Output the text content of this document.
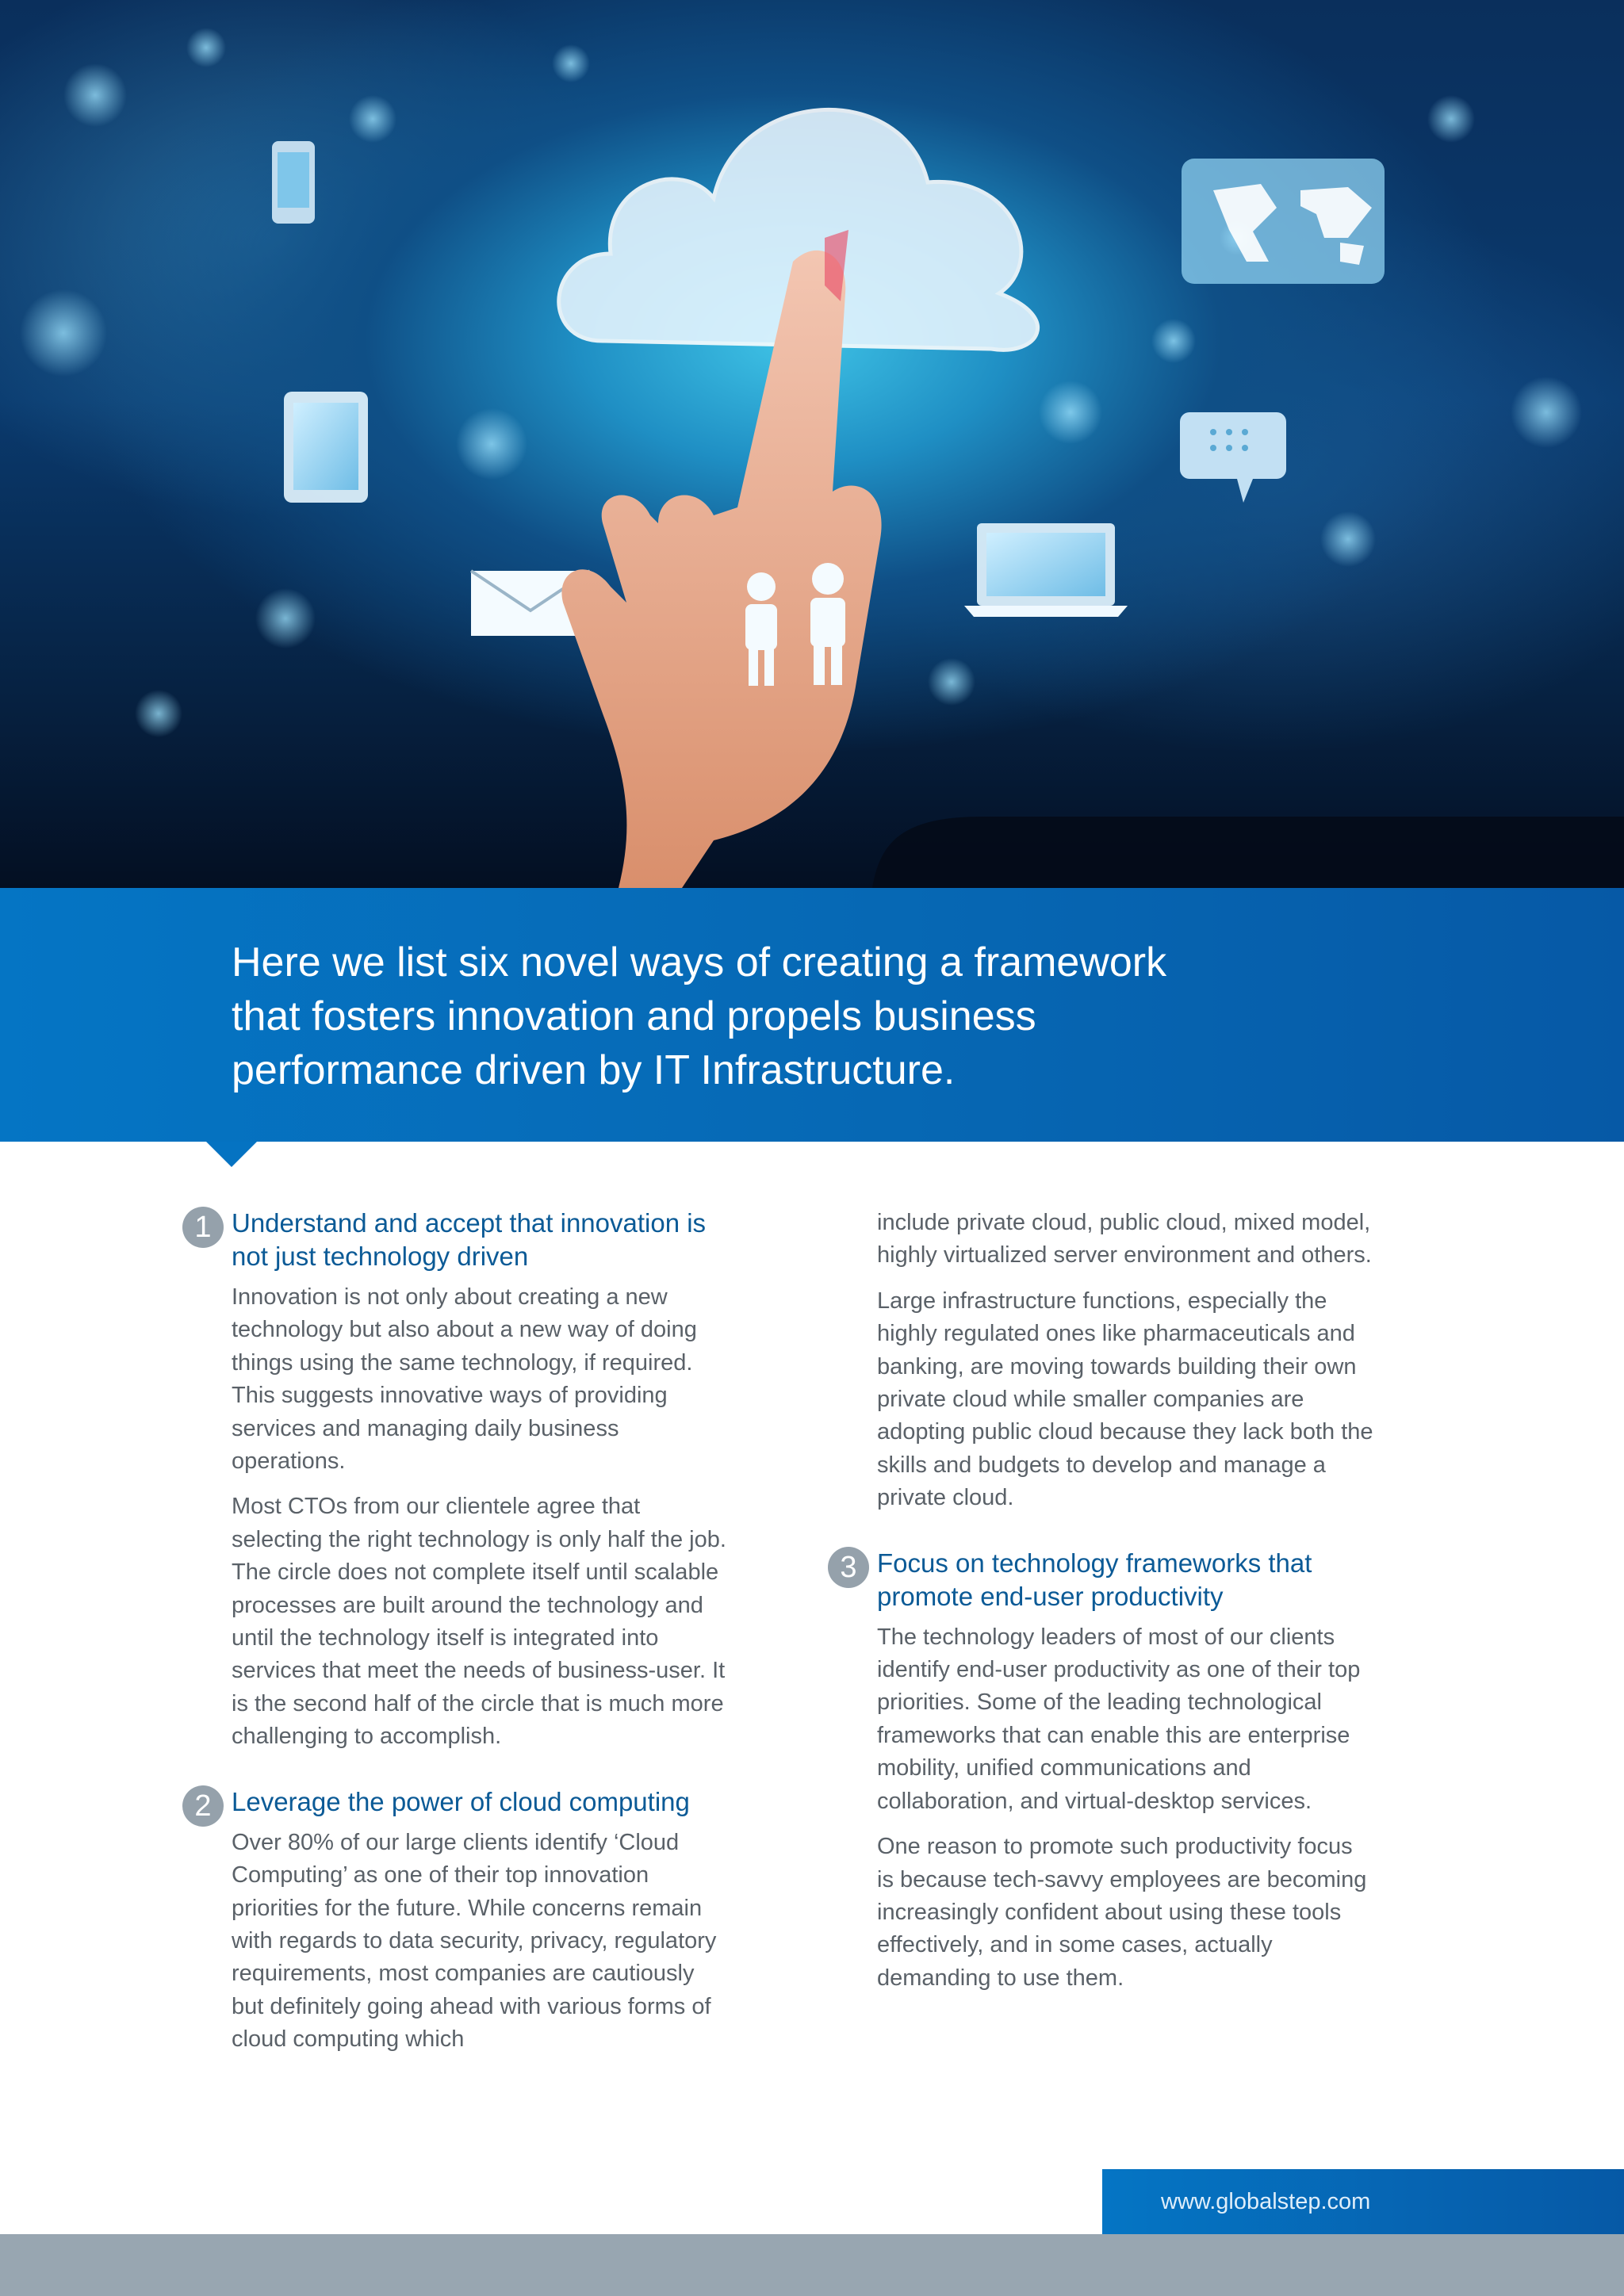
Here we list six novel ways of creating a framework
that fosters innovation and propels business
performance driven by IT Infrastructure.

1 Understand and accept that innovation is not just technology driven

Innovation is not only about creating a new technology but also about a new way of doing things using the same technology, if required. This suggests innovative ways of providing services and managing daily business operations.

Most CTOs from our clientele agree that selecting the right technology is only half the job. The circle does not complete itself until scalable processes are built around the technology and until the technology itself is integrated into services that meet the needs of business-user. It is the second half of the circle that is much more challenging to accomplish.

2 Leverage the power of cloud computing

Over 80% of our large clients identify ‘Cloud Computing’ as one of their top innovation priorities for the future. While concerns remain with regards to data security, privacy, regulatory requirements, most companies are cautiously but definitely going ahead with various forms of cloud computing which

include private cloud, public cloud, mixed model, highly virtualized server environment and others.

Large infrastructure functions, especially the highly regulated ones like pharmaceuticals and banking, are moving towards building their own private cloud while smaller companies are adopting public cloud because they lack both the skills and budgets to develop and manage a private cloud.

3 Focus on technology frameworks that promote end-user productivity

The technology leaders of most of our clients identify end-user productivity as one of their top priorities. Some of the leading technological frameworks that can enable this are enterprise mobility, unified communications and collaboration, and virtual-desktop services.

One reason to promote such productivity focus is because tech-savvy employees are becoming increasingly confident about using these tools effectively, and in some cases, actually demanding to use them.

www.globalstep.com
